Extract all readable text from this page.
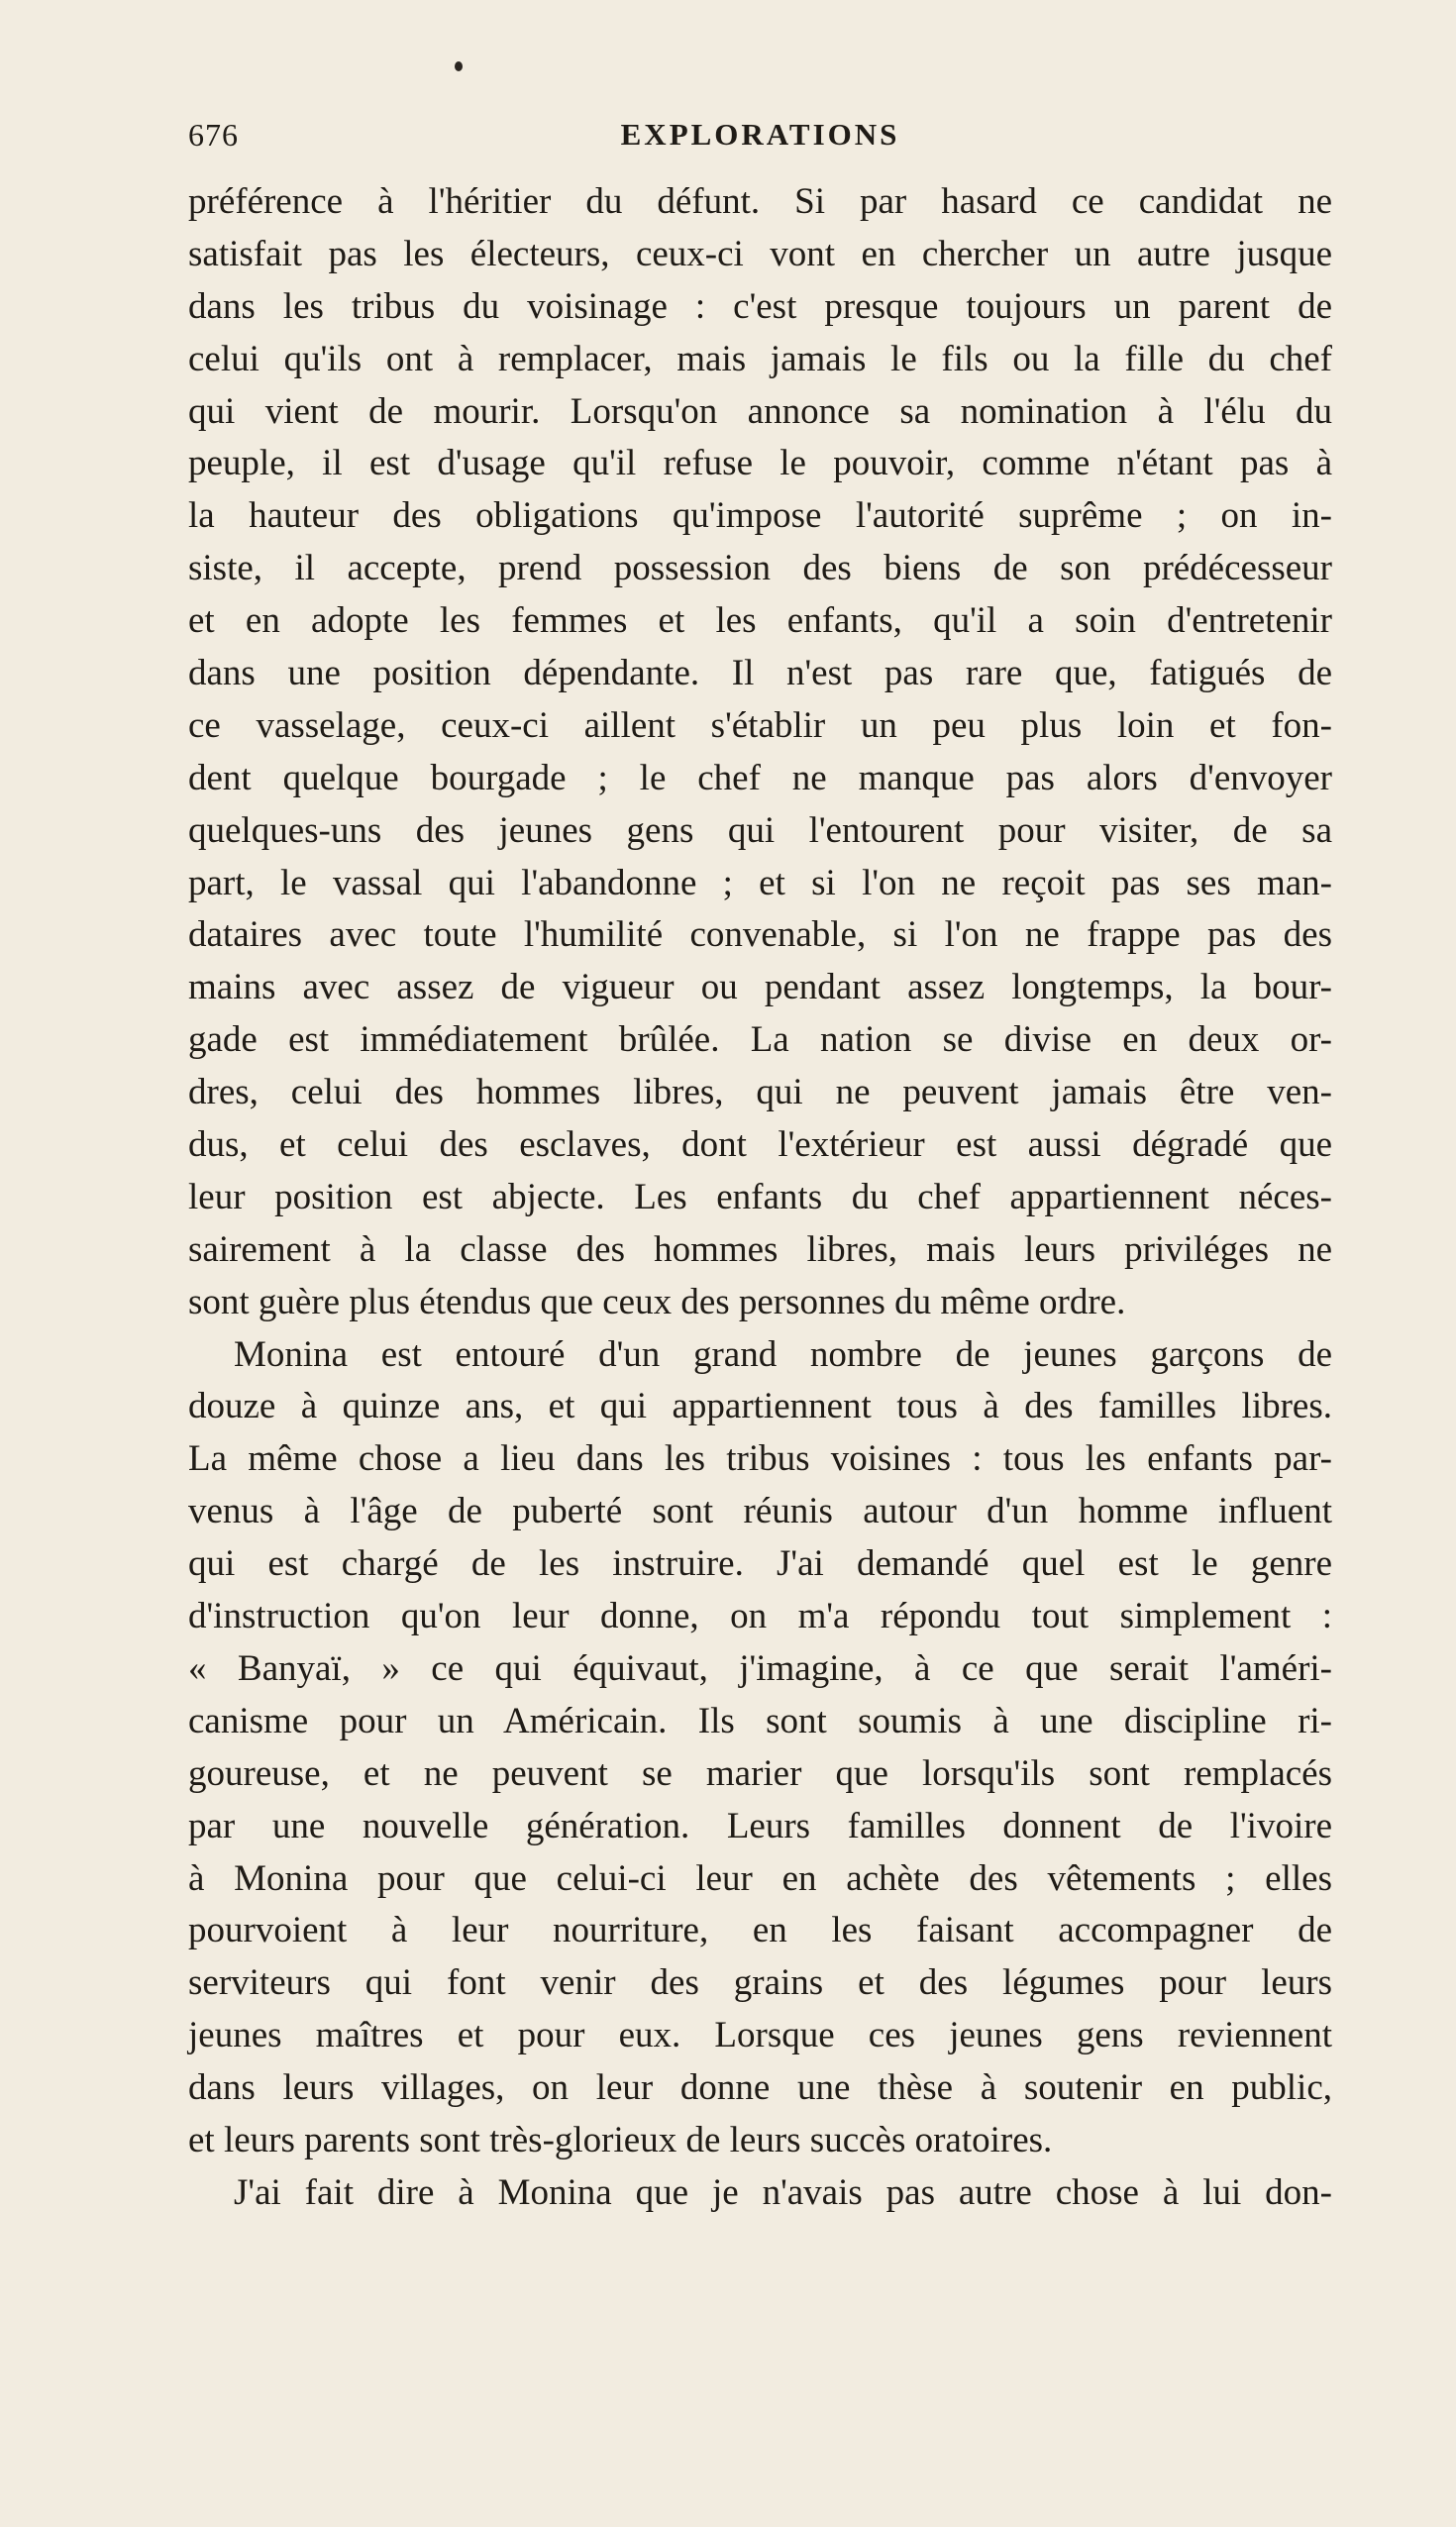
676	EXPLORATIONS
préférence à l'héritier du défunt. Si par hasard ce candidat ne
satisfait pas les électeurs, ceux-ci vont en chercher un autre jusque
dans les tribus du voisinage : c'est presque toujours un parent de
celui qu'ils ont à remplacer, mais jamais le fils ou la fille du chef
qui vient de mourir. Lorsqu'on annonce sa nomination à l'élu du
peuple, il est d'usage qu'il refuse le pouvoir, comme n'étant pas à
la hauteur des obligations qu'impose l'autorité suprême ; on in-
siste, il accepte, prend possession des biens de son prédécesseur
et en adopte les femmes et les enfants, qu'il a soin d'entretenir
dans une position dépendante. Il n'est pas rare que, fatigués de
ce vasselage, ceux-ci aillent s'établir un peu plus loin et fon-
dent quelque bourgade ; le chef ne manque pas alors d'envoyer
quelques-uns des jeunes gens qui l'entourent pour visiter, de sa
part, le vassal qui l'abandonne ; et si l'on ne reçoit pas ses man-
dataires avec toute l'humilité convenable, si l'on ne frappe pas des
mains avec assez de vigueur ou pendant assez longtemps, la bour-
gade est immédiatement brûlée. La nation se divise en deux or-
dres, celui des hommes libres, qui ne peuvent jamais être ven-
dus, et celui des esclaves, dont l'extérieur est aussi dégradé que
leur position est abjecte. Les enfants du chef appartiennent néces-
sairement à la classe des hommes libres, mais leurs priviléges ne
sont guère plus étendus que ceux des personnes du même ordre.
Monina est entouré d'un grand nombre de jeunes garçons de
douze à quinze ans, et qui appartiennent tous à des familles libres.
La même chose a lieu dans les tribus voisines : tous les enfants par-
venus à l'âge de puberté sont réunis autour d'un homme influent
qui est chargé de les instruire. J'ai demandé quel est le genre
d'instruction qu'on leur donne, on m'a répondu tout simplement :
« Banyaï, » ce qui équivaut, j'imagine, à ce que serait l'améri-
canisme pour un Américain. Ils sont soumis à une discipline ri-
goureuse, et ne peuvent se marier que lorsqu'ils sont remplacés
par une nouvelle génération. Leurs familles donnent de l'ivoire
à Monina pour que celui-ci leur en achète des vêtements ; elles
pourvoient à leur nourriture, en les faisant accompagner de
serviteurs qui font venir des grains et des légumes pour leurs
jeunes maîtres et pour eux. Lorsque ces jeunes gens reviennent
dans leurs villages, on leur donne une thèse à soutenir en public,
et leurs parents sont très-glorieux de leurs succès oratoires.
J'ai fait dire à Monina que je n'avais pas autre chose à lui don-
